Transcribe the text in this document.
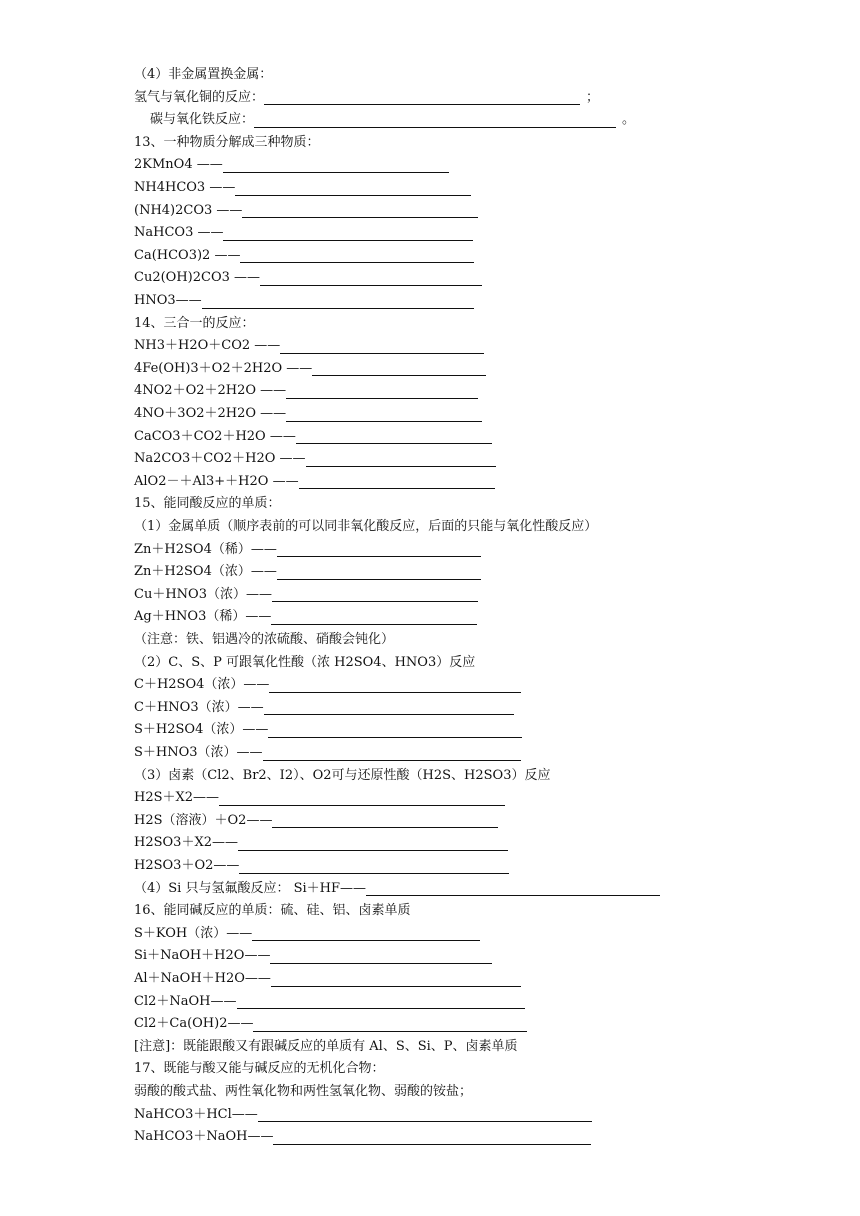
（4）非金属置换金属：
氢气与氧化铜的反应：	；
碳与氧化铁反应：	。
13、一种物质分解成三种物质：
2KMnO4 ——
NH4HCO3 ——
(NH4)2CO3 ——
NaHCO3 ——
Ca(HCO3)2 ——
Cu2(OH)2CO3 ——
HNO3——
14、三合一的反应：
NH3＋H2O＋CO2 ——
4Fe(OH)3＋O2＋2H2O ——
4NO2＋O2＋2H2O ——
4NO＋3O2＋2H2O ——
CaCO3＋CO2＋H2O ——
Na2CO3＋CO2＋H2O ——
AlO2－＋Al3+＋H2O ——
15、能同酸反应的单质：
（1）金属单质（顺序表前的可以同非氧化酸反应，后面的只能与氧化性酸反应）
Zn＋H2SO4（稀）——
Zn＋H2SO4（浓）——
Cu＋HNO3（浓）——
Ag＋HNO3（稀）——
（注意：铁、铝遇冷的浓硫酸、硝酸会钝化）
（2）C、S、P 可跟氧化性酸（浓 H2SO4、HNO3）反应
C＋H2SO4（浓）——
C＋HNO3（浓）——
S＋H2SO4（浓）——
S＋HNO3（浓）——
（3）卤素（Cl2、Br2、I2）、O2可与还原性酸（H2S、H2SO3）反应
H2S＋X2——
H2S（溶液）＋O2——
H2SO3＋X2——
H2SO3＋O2——
（4）Si 只与氢氟酸反应： Si＋HF——
16、能同碱反应的单质：硫、硅、铝、卤素单质
S＋KOH（浓）——
Si＋NaOH＋H2O——
Al＋NaOH＋H2O——
Cl2＋NaOH——
Cl2＋Ca(OH)2——
[注意]：既能跟酸又有跟碱反应的单质有 Al、S、Si、P、卤素单质
17、既能与酸又能与碱反应的无机化合物：
弱酸的酸式盐、两性氧化物和两性氢氧化物、弱酸的铵盐；
NaHCO3＋HCl——
NaHCO3＋NaOH——
